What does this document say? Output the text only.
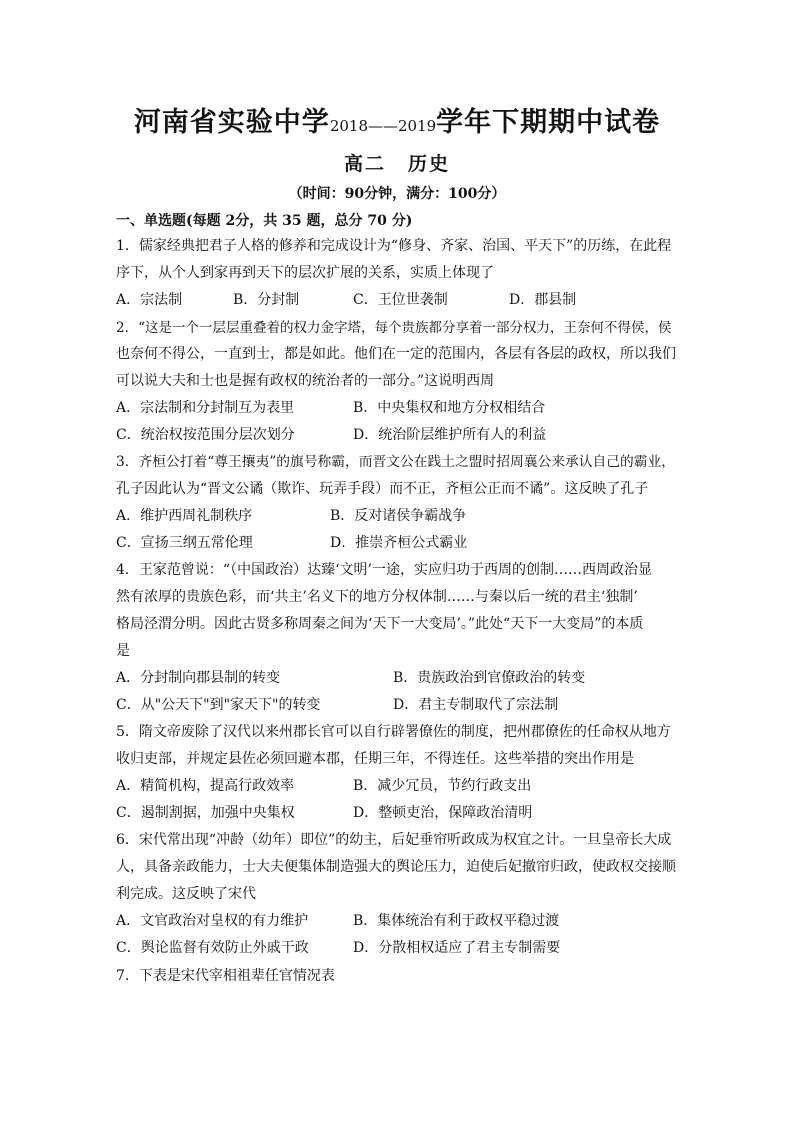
河南省实验中学2018——2019学年下期期中试卷
高二 历史
（时间：90分钟，满分：100分）
一、单选题(每题 2分，共 35 题，总分 70 分)
1．儒家经典把君子人格的修养和完成设计为“修身、齐家、治国、平天下”的历练，在此程
序下，从个人到家再到天下的层次扩展的关系，实质上体现了
A．宗法制	B．分封制	C．王位世袭制	D．郡县制
2．“这是一个一层层重叠着的权力金字塔，每个贵族都分享着一部分权力，王奈何不得侯，侯
也奈何不得公，一直到士，都是如此。他们在一定的范围内，各层有各层的政权，所以我们
可以说大夫和士也是握有政权的统治者的一部分。”这说明西周
A．宗法制和分封制互为表里	B．中央集权和地方分权相结合
C．统治权按范围分层次划分	D．统治阶层维护所有人的利益
3．齐桓公打着“尊王攘夷”的旗号称霸，而晋文公在践土之盟时招周襄公来承认自己的霸业，
孔子因此认为“晋文公谲（欺诈、玩弄手段）而不正，齐桓公正而不谲”。这反映了孔子
A．维护西周礼制秩序	B．反对诸侯争霸战争
C．宣扬三纲五常伦理	D．推崇齐桓公式霸业
4．王家范曾说：“（中国政治）达臻‘文明’一途，实应归功于西周的创制……西周政治显
然有浓厚的贵族色彩，而‘共主’名义下的地方分权体制……与秦以后一统的君主‘独制’
格局泾渭分明。因此古贤多称周秦之间为‘天下一大变局’。”此处“天下一大变局”的本质
是
A．分封制向郡县制的转变	B．贵族政治到官僚政治的转变
C．从"公天下"到"家天下"的转变	D．君主专制取代了宗法制
5．隋文帝废除了汉代以来州郡长官可以自行辟署僚佐的制度，把州郡僚佐的任命权从地方
收归吏部，并规定县佐必须回避本郡，任期三年，不得连任。这些举措的突出作用是
A．精简机构，提高行政效率	B．减少冗员，节约行政支出
C．遏制割据，加强中央集权	D．整顿吏治，保障政治清明
6．宋代常出现“冲龄（幼年）即位”的幼主，后妃垂帘听政成为权宜之计。一旦皇帝长大成
人，具备亲政能力，士大夫便集体制造强大的舆论压力，迫使后妃撤帘归政，使政权交接顺
利完成。这反映了宋代
A．文官政治对皇权的有力维护	B．集体统治有利于政权平稳过渡
C．舆论监督有效防止外戚干政	D．分散相权适应了君主专制需要
7．下表是宋代宰相祖辈任官情况表
